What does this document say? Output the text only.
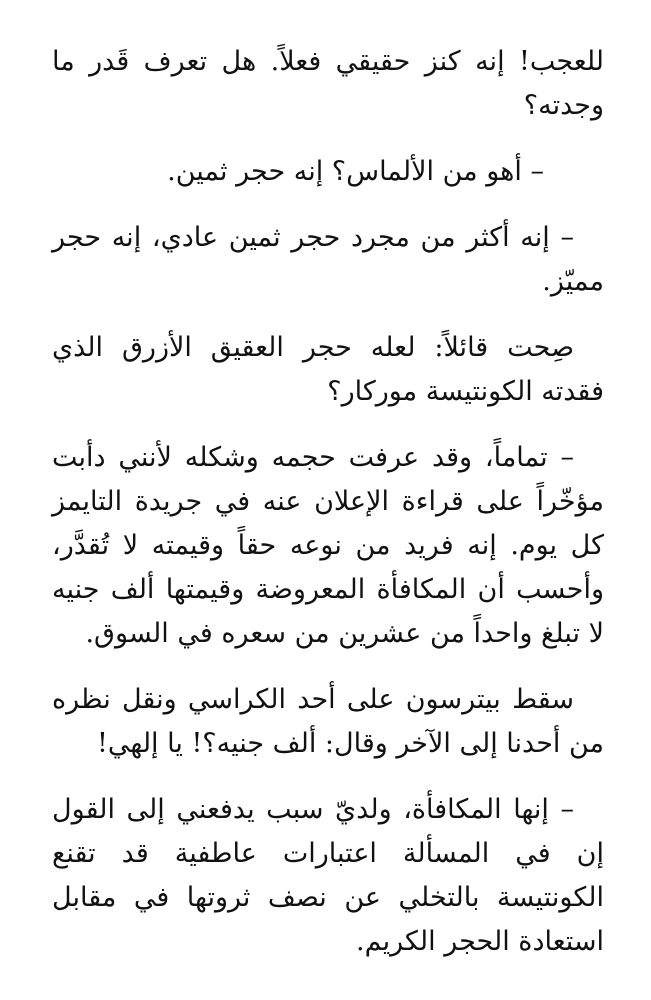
للعجب! إنه كنز حقيقي فعلاً. هل تعرف قَدر ما وجدته؟

– أهو من الألماس؟ إنه حجر ثمين.

– إنه أكثر من مجرد حجر ثمين عادي، إنه حجر مميّز.

صِحت قائلاً: لعله حجر العقيق الأزرق الذي فقدته الكونتيسة موركار؟

– تماماً، وقد عرفت حجمه وشكله لأنني دأبت مؤخّراً على قراءة الإعلان عنه في جريدة التايمز كل يوم. إنه فريد من نوعه حقاً وقيمته لا تُقدَّر، وأحسب أن المكافأة المعروضة وقيمتها ألف جنيه لا تبلغ واحداً من عشرين من سعره في السوق.

سقط بيترسون على أحد الكراسي ونقل نظره من أحدنا إلى الآخر وقال: ألف جنيه؟! يا إلهي!

– إنها المكافأة، ولديّ سبب يدفعني إلى القول إن في المسألة اعتبارات عاطفية قد تقنع الكونتيسة بالتخلي عن نصف ثروتها في مقابل استعادة الحجر الكريم.
